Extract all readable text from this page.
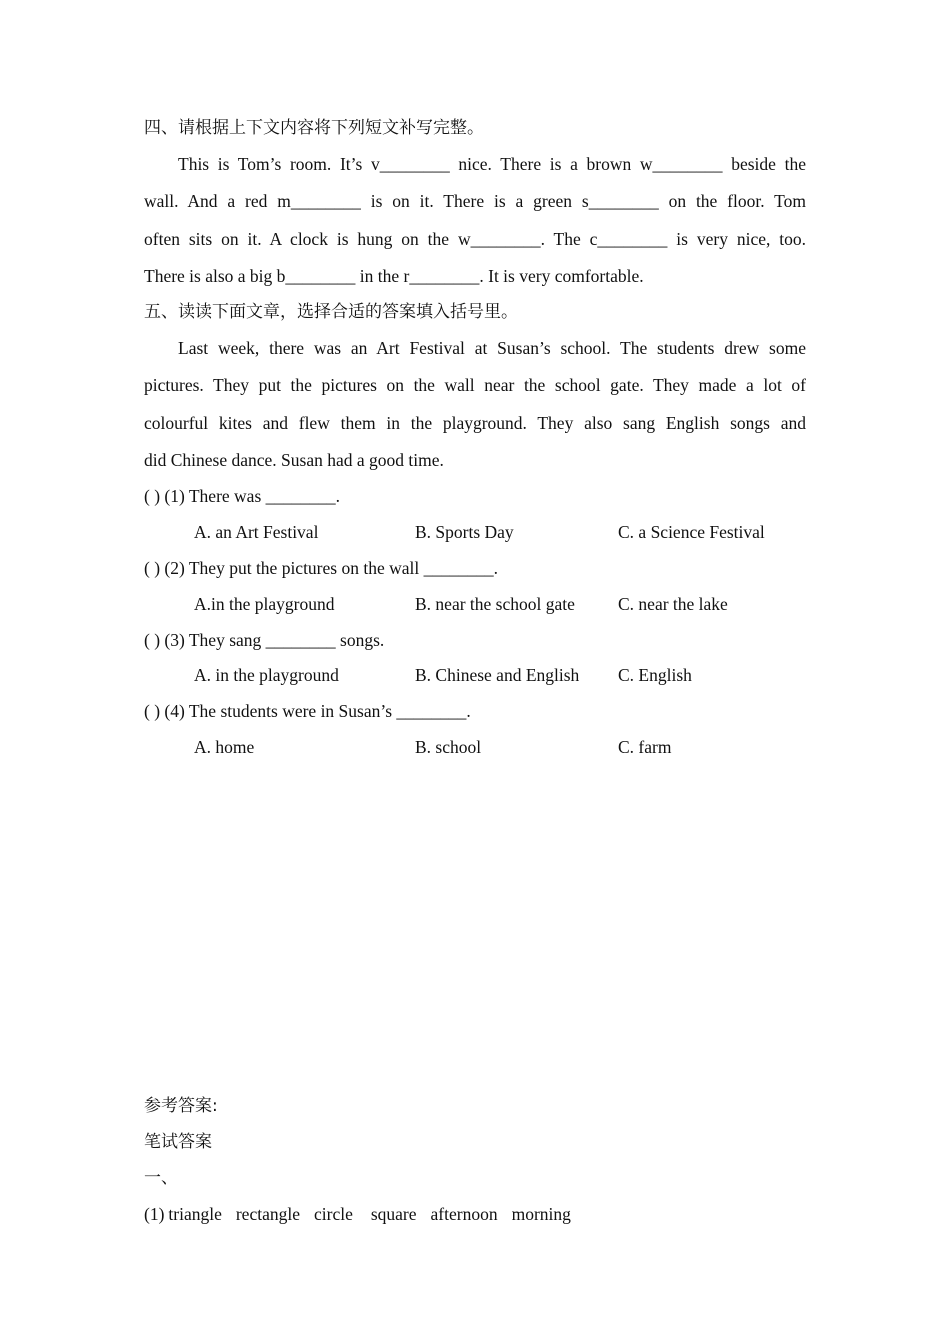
四、请根据上下文内容将下列短文补写完整。
This is Tom’s room. It’s v________ nice. There is a brown w________ beside the
wall. And a red m________ is on it. There is a green s________ on the floor. Tom
often sits on it. A clock is hung on the w________. The c________ is very nice, too.
There is also a big b________ in the r________. It is very comfortable.
五、读读下面文章，选择合适的答案填入括号里。
Last week, there was an Art Festival at Susan’s school. The students drew some
pictures. They put the pictures on the wall near the school gate. They made a lot of
colourful kites and flew them in the playground. They also sang English songs and
did Chinese dance. Susan had a good time.
( ) (1) There was ________.
A. an Art Festival	B. Sports Day	C. a Science Festival
( ) (2) They put the pictures on the wall ________.
A.in the playground	B. near the school gate C. near the lake
( ) (3) They sang ________ songs.
A. in the playground	B. Chinese and English C. English
( ) (4) The students were in Susan’s ________.
A. home	B. school	C. farm
参考答案:
笔试答案
一、
(1) triangle rectangle circle square afternoon morning
